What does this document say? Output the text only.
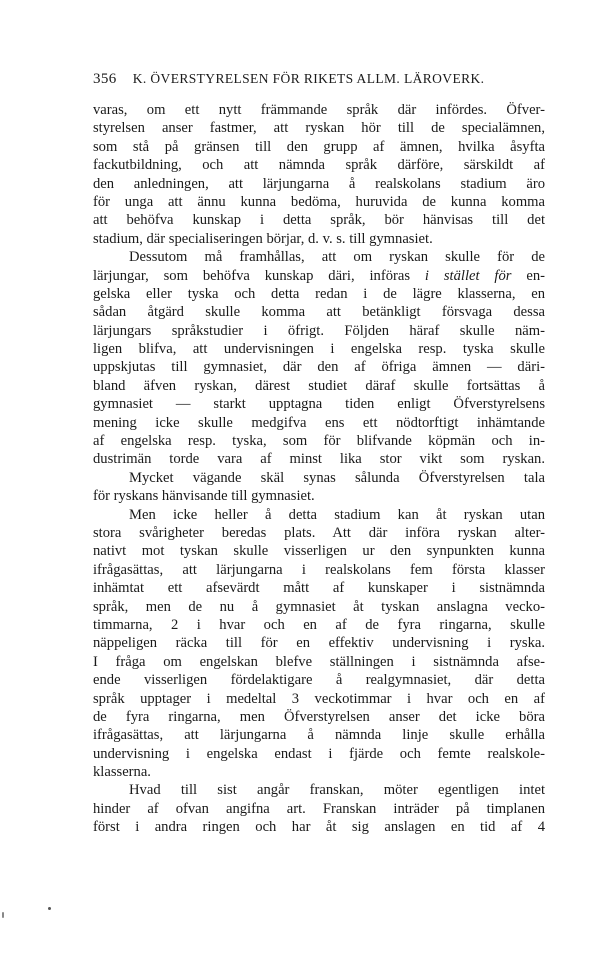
356 K. ÖVERSTYRELSEN FÖR RIKETS ALLM. LÄROVERK.
varas, om ett nytt främmande språk där infördes. Öfver-
styrelsen anser fastmer, att ryskan hör till de specialämnen,
som stå på gränsen till den grupp af ämnen, hvilka åsyfta
fackutbildning, och att nämnda språk därföre, särskildt af
den anledningen, att lärjungarna å realskolans stadium äro
för unga att ännu kunna bedöma, huruvida de kunna komma
att behöfva kunskap i detta språk, bör hänvisas till det
stadium, där specialiseringen börjar, d. v. s. till gymnasiet.
Dessutom må framhållas, att om ryskan skulle för de
lärjungar, som behöfva kunskap däri, införas i stället för en-
gelska eller tyska och detta redan i de lägre klasserna, en
sådan åtgärd skulle komma att betänkligt försvaga dessa
lärjungars språkstudier i öfrigt. Följden häraf skulle näm-
ligen blifva, att undervisningen i engelska resp. tyska skulle
uppskjutas till gymnasiet, där den af öfriga ämnen — däri-
bland äfven ryskan, därest studiet däraf skulle fortsättas å
gymnasiet — starkt upptagna tiden enligt Öfverstyrelsens
mening icke skulle medgifva ens ett nödtorftigt inhämtande
af engelska resp. tyska, som för blifvande köpmän och in-
dustrimän torde vara af minst lika stor vikt som ryskan.
Mycket vägande skäl synas sålunda Öfverstyrelsen tala
för ryskans hänvisande till gymnasiet.
Men icke heller å detta stadium kan åt ryskan utan
stora svårigheter beredas plats. Att där införa ryskan alter-
nativt mot tyskan skulle visserligen ur den synpunkten kunna
ifrågasättas, att lärjungarna i realskolans fem första klasser
inhämtat ett afsevärdt mått af kunskaper i sistnämnda
språk, men de nu å gymnasiet åt tyskan anslagna vecko-
timmarna, 2 i hvar och en af de fyra ringarna, skulle
näppeligen räcka till för en effektiv undervisning i ryska.
I fråga om engelskan blefve ställningen i sistnämnda afse-
ende visserligen fördelaktigare å realgymnasiet, där detta
språk upptager i medeltal 3 veckotimmar i hvar och en af
de fyra ringarna, men Öfverstyrelsen anser det icke böra
ifrågasättas, att lärjungarna å nämnda linje skulle erhålla
undervisning i engelska endast i fjärde och femte realskole-
klasserna.
Hvad till sist angår franskan, möter egentligen intet
hinder af ofvan angifna art. Franskan inträder på timplanen
först i andra ringen och har åt sig anslagen en tid af 4
